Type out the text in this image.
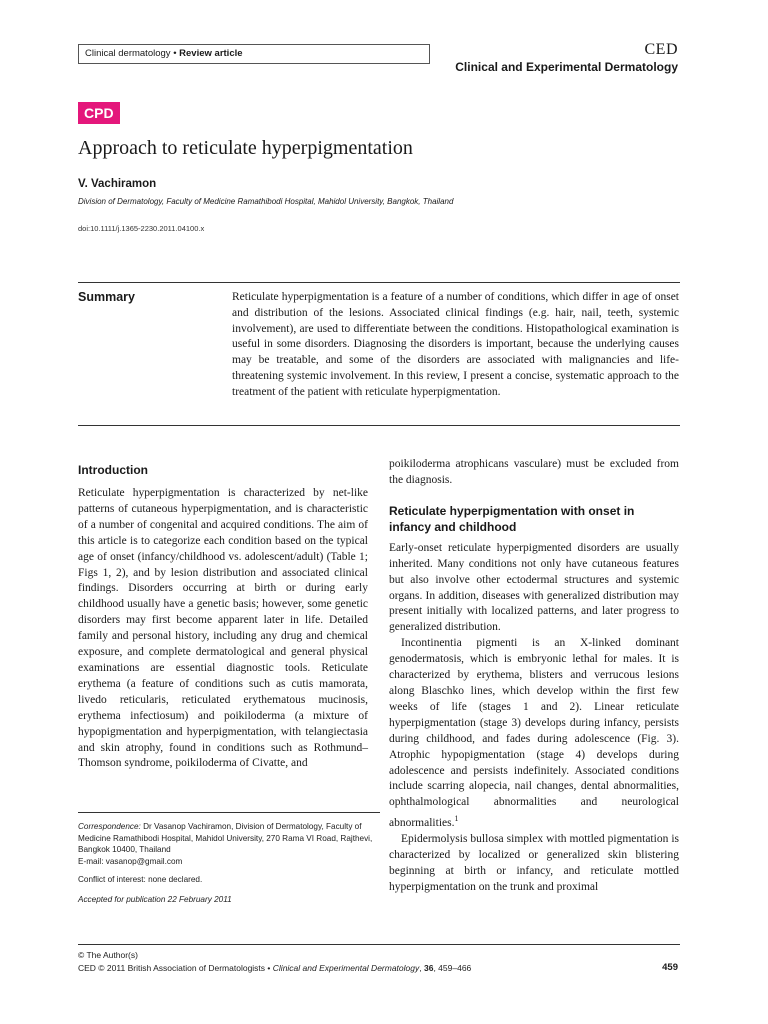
Clinical dermatology • Review article	CED
Clinical and Experimental Dermatology
CPD
Approach to reticulate hyperpigmentation
V. Vachiramon
Division of Dermatology, Faculty of Medicine Ramathibodi Hospital, Mahidol University, Bangkok, Thailand
doi:10.1111/j.1365-2230.2011.04100.x
Summary	Reticulate hyperpigmentation is a feature of a number of conditions, which differ in age of onset and distribution of the lesions. Associated clinical findings (e.g. hair, nail, teeth, systemic involvement), are used to differentiate between the conditions. Histopathological examination is useful in some disorders. Diagnosing the disorders is important, because the underlying causes may be treatable, and some of the disorders are associated with malignancies and life-threatening systemic involvement. In this review, I present a concise, systematic approach to the treatment of the patient with reticulate hyperpigmentation.
Introduction

Reticulate hyperpigmentation is characterized by net-like patterns of cutaneous hyperpigmentation, and is characteristic of a number of congenital and acquired conditions. The aim of this article is to categorize each condition based on the typical age of onset (infancy/childhood vs. adolescent/adult) (Table 1; Figs 1, 2), and by lesion distribution and associated clinical findings. Disorders occurring at birth or during early childhood usually have a genetic basis; however, some genetic disorders may first become apparent later in life. Detailed family and personal history, including any drug and chemical exposure, and complete dermatological and general physical examinations are essential diagnostic tools. Reticulate erythema (a feature of conditions such as cutis mamorata, livedo reticularis, reticulated erythematous mucinosis, erythema infectiosum) and poikiloderma (a mixture of hypopigmentation and hyperpigmentation, with telangiectasia and skin atrophy, found in conditions such as Rothmund–Thomson syndrome, poikiloderma of Civatte, and

Correspondence: Dr Vasanop Vachiramon, Division of Dermatology, Faculty of Medicine Ramathibodi Hospital, Mahidol University, 270 Rama VI Road, Rajthevi, Bangkok 10400, Thailand

E-mail: vasanop@gmail.com

Conflict of interest: none declared.

Accepted for publication 22 February 2011

poikiloderma atrophicans vasculare) must be excluded from the diagnosis.

Reticulate hyperpigmentation with onset in infancy and childhood

Early-onset reticulate hyperpigmented disorders are usually inherited. Many conditions not only have cutaneous features but also involve other ectodermal structures and systemic organs. In addition, diseases with generalized distribution may present initially with localized patterns, and later progress to generalized distribution.

Incontinentia pigmenti is an X-linked dominant genodermatosis, which is embryonic lethal for males. It is characterized by erythema, blisters and verrucous lesions along Blaschko lines, which develop within the first few weeks of life (stages 1 and 2). Linear reticulate hyperpigmentation (stage 3) develops during infancy, persists during childhood, and fades during adolescence (Fig. 3). Atrophic hypopigmentation (stage 4) develops during adolescence and persists indefinitely. Associated conditions include scarring alopecia, nail changes, dental abnormalities, ophthalmological abnormalities and neurological abnormalities.$^1$

Epidermolysis bullosa simplex with mottled pigmentation is characterized by localized or generalized skin blistering beginning at birth or infancy, and reticulate mottled hyperpigmentation on the trunk and proximal

© The Author(s)
CED © 2011 British Association of Dermatologists • Clinical and Experimental Dermatology, 36, 459–466	459
